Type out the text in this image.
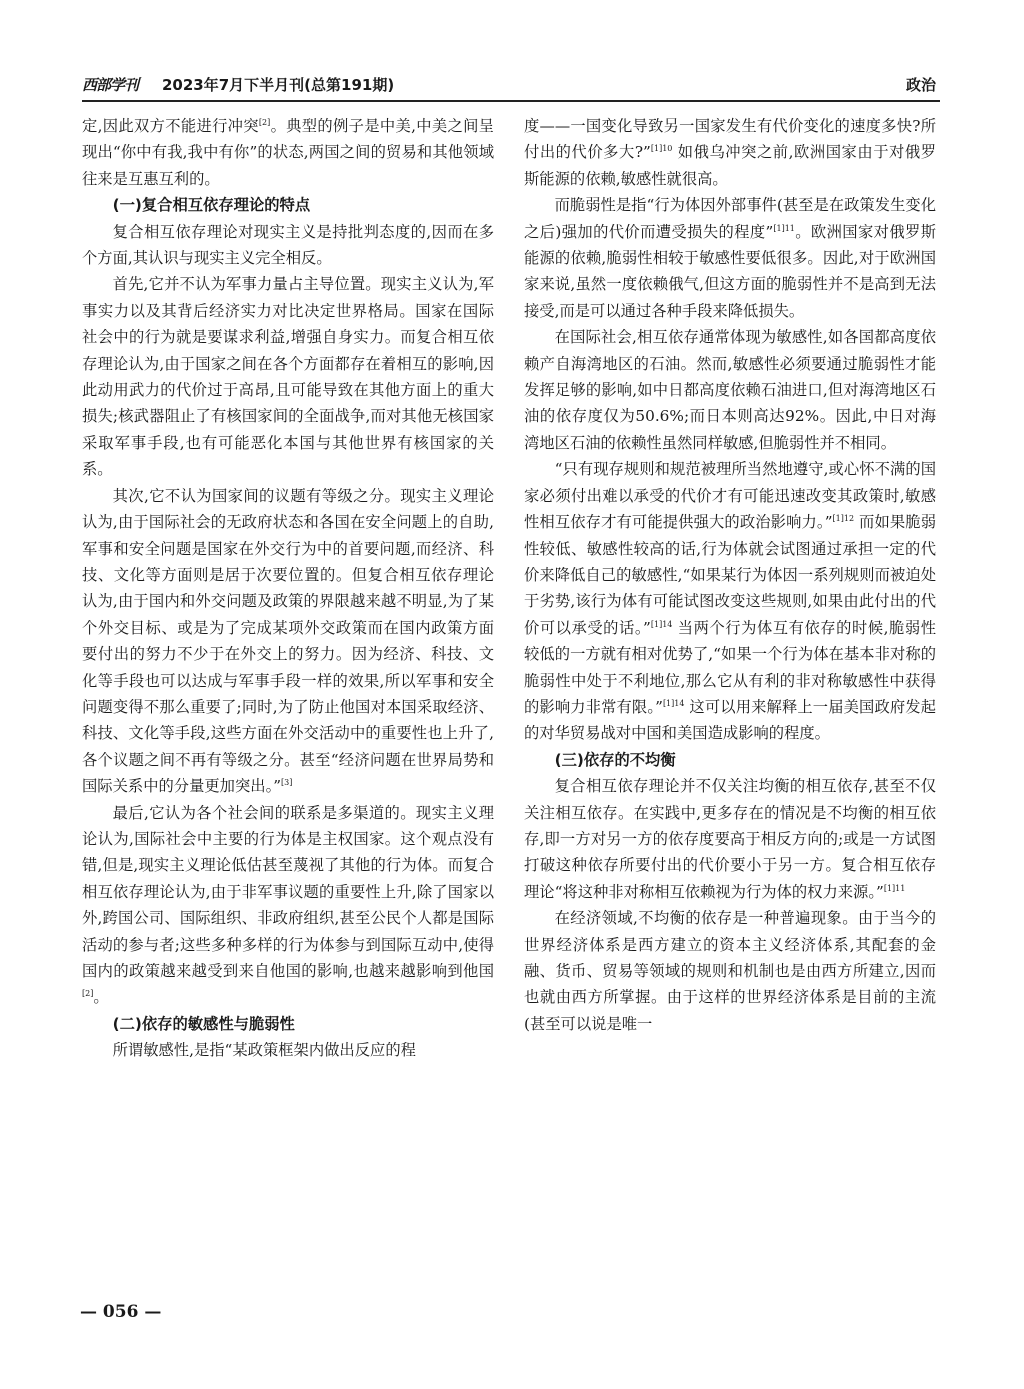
西部学刊 2023年7月下半月刊(总第191期)	政治

定,因此双方不能进行冲突[2]。典型的例子是中美,中美之间呈现出“你中有我,我中有你”的状态,两国之间的贸易和其他领域往来是互惠互利的。

(一)复合相互依存理论的特点

复合相互依存理论对现实主义是持批判态度的,因而在多个方面,其认识与现实主义完全相反。

首先,它并不认为军事力量占主导位置。现实主义认为,军事实力以及其背后经济实力对比决定世界格局。国家在国际社会中的行为就是要谋求利益,增强自身实力。而复合相互依存理论认为,由于国家之间在各个方面都存在着相互的影响,因此动用武力的代价过于高昂,且可能导致在其他方面上的重大损失;核武器阻止了有核国家间的全面战争,而对其他无核国家采取军事手段,也有可能恶化本国与其他世界有核国家的关系。

其次,它不认为国家间的议题有等级之分。现实主义理论认为,由于国际社会的无政府状态和各国在安全问题上的自助,军事和安全问题是国家在外交行为中的首要问题,而经济、科技、文化等方面则是居于次要位置的。但复合相互依存理论认为,由于国内和外交问题及政策的界限越来越不明显,为了某个外交目标、或是为了完成某项外交政策而在国内政策方面要付出的努力不少于在外交上的努力。因为经济、科技、文化等手段也可以达成与军事手段一样的效果,所以军事和安全问题变得不那么重要了;同时,为了防止他国对本国采取经济、科技、文化等手段,这些方面在外交活动中的重要性也上升了,各个议题之间不再有等级之分。甚至“经济问题在世界局势和国际关系中的分量更加突出。”[3]

最后,它认为各个社会间的联系是多渠道的。现实主义理论认为,国际社会中主要的行为体是主权国家。这个观点没有错,但是,现实主义理论低估甚至蔑视了其他的行为体。而复合相互依存理论认为,由于非军事议题的重要性上升,除了国家以外,跨国公司、国际组织、非政府组织,甚至公民个人都是国际活动的参与者;这些多种多样的行为体参与到国际互动中,使得国内的政策越来越受到来自他国的影响,也越来越影响到他国[2]。

(二)依存的敏感性与脆弱性

所谓敏感性,是指“某政策框架内做出反应的程

度——一国变化导致另一国家发生有代价变化的速度多快?所付出的代价多大?”$^{[1]10}$ 如俄乌冲突之前,欧洲国家由于对俄罗斯能源的依赖,敏感性就很高。

而脆弱性是指“行为体因外部事件(甚至是在政策发生变化之后)强加的代价而遭受损失的程度”$^{[1]11}$。欧洲国家对俄罗斯能源的依赖,脆弱性相较于敏感性要低很多。因此,对于欧洲国家来说,虽然一度依赖俄气,但这方面的脆弱性并不是高到无法接受,而是可以通过各种手段来降低损失。

在国际社会,相互依存通常体现为敏感性,如各国都高度依赖产自海湾地区的石油。然而,敏感性必须要通过脆弱性才能发挥足够的影响,如中日都高度依赖石油进口,但对海湾地区石油的依存度仅为50.6%;而日本则高达92%。因此,中日对海湾地区石油的依赖性虽然同样敏感,但脆弱性并不相同。

“只有现存规则和规范被理所当然地遵守,或心怀不满的国家必须付出难以承受的代价才有可能迅速改变其政策时,敏感性相互依存才有可能提供强大的政治影响力。”$^{[1]12}$ 而如果脆弱性较低、敏感性较高的话,行为体就会试图通过承担一定的代价来降低自己的敏感性,“如果某行为体因一系列规则而被迫处于劣势,该行为体有可能试图改变这些规则,如果由此付出的代价可以承受的话。”$^{[1]14}$ 当两个行为体互有依存的时候,脆弱性较低的一方就有相对优势了,“如果一个行为体在基本非对称的脆弱性中处于不利地位,那么它从有利的非对称敏感性中获得的影响力非常有限。”$^{[1]14}$ 这可以用来解释上一届美国政府发起的对华贸易战对中国和美国造成影响的程度。

(三)依存的不均衡

复合相互依存理论并不仅关注均衡的相互依存,甚至不仅关注相互依存。在实践中,更多存在的情况是不均衡的相互依存,即一方对另一方的依存度要高于相反方向的;或是一方试图打破这种依存所要付出的代价要小于另一方。复合相互依存理论“将这种非对称相互依赖视为行为体的权力来源。”$^{[1]11}$

在经济领域,不均衡的依存是一种普遍现象。由于当今的世界经济体系是西方建立的资本主义经济体系,其配套的金融、货币、贸易等领域的规则和机制也是由西方所建立,因而也就由西方所掌握。由于这样的世界经济体系是目前的主流(甚至可以说是唯一

— 056 —
